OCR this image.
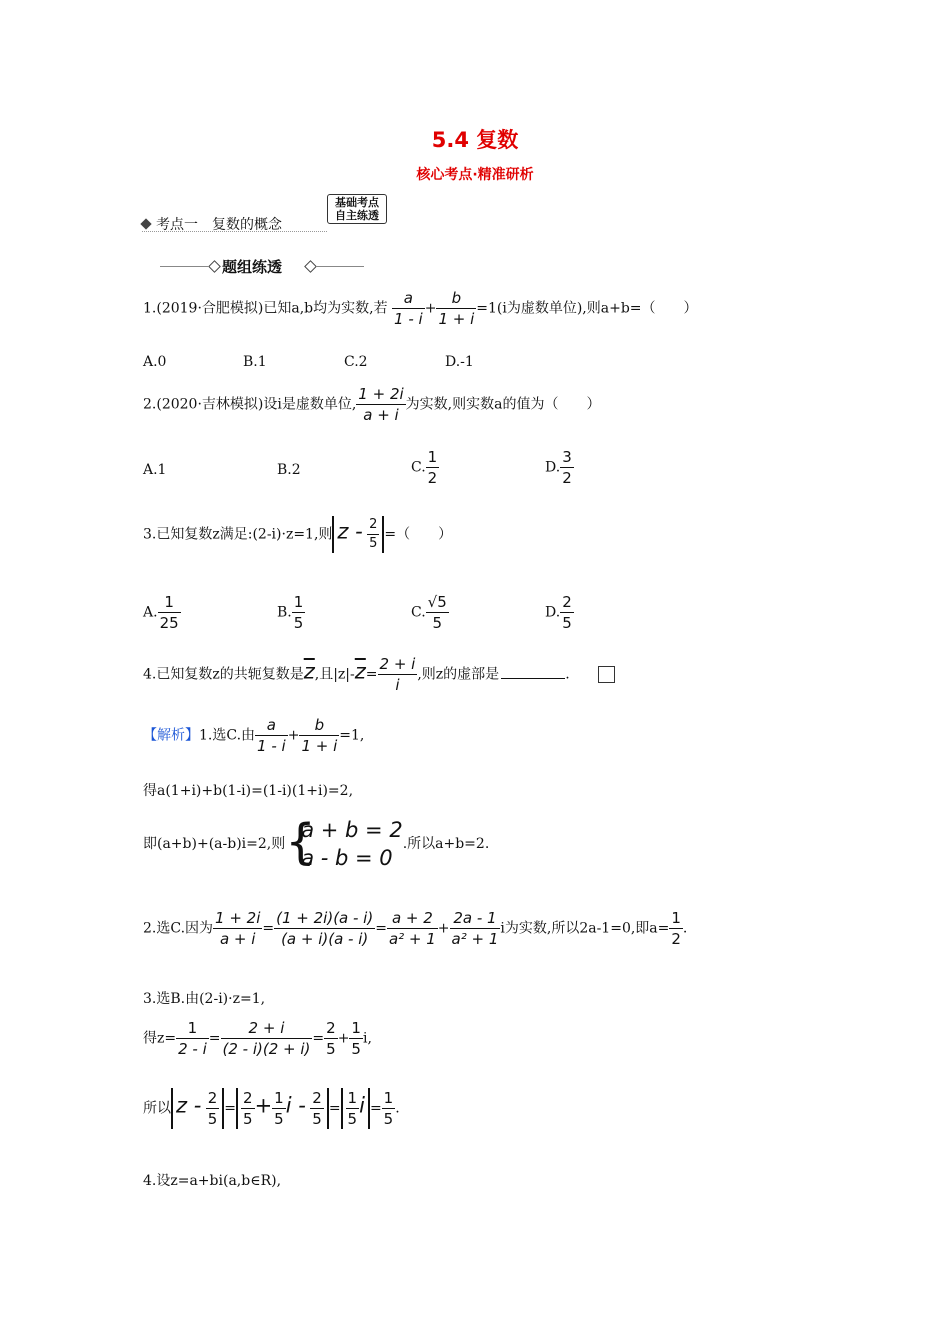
5.4 复数
核心考点·精准研析
考点一　复数的概念
基础考点
自主练透
题组练透
1.(2019·合肥模拟)已知a,b均为实数,若 $\frac{a}{1 - i} + \frac{b}{1 + i} =1(i$为虚数单位),则a+b=（　　）
A.0	B.1	C.2	D.-1
2.(2020·吉林模拟)设i是虚数单位, $\frac{1 + 2i}{a + i}$ 为实数,则实数a的值为（　　）
A.1	B.2	C. $\frac{1}{2}$	D. $\frac{3}{2}$
3.已知复数z满足:(2-i)·z=1,则 z - $\frac{2}{5}$ =（　　）
A. $\frac{1}{25}$	B. $\frac{1}{5}$	C. $\frac{√5}{5}$	D. $\frac{2}{5}$
4.已知复数z的共轭复数是$\overline{z}$,且$|z|-\overline{z}= \frac{2 + i}{i}$ ,则z的虚部是	.
【解析】1.选C.由 $\frac{a}{1 - i} + \frac{b}{1 + i} =1$,
得a(1+i)+b(1-i)=(1-i)(1+i)=2,
即(a+b)+(a-b)i=2,则 {
a + b = 2
a - b = 0
.所以a+b=2.
2.选C.因为 $\frac{1 + 2i}{a + i} = \frac{(1 + 2i)(a - i)}{(a + i)(a - i)} = \frac{a + 2}{\text{a² + 1}} + \frac{2a - 1}{\text{a² + 1}}$ i为实数,所以2a-1=0,即$a= \frac{1}{2}$ .
3.选B.由(2-i)·z=1,
得$z= \frac{1}{2 - i} = \frac{2 + i}{(2 - i)(2 + i)} = \frac{2}{5} + \frac{1}{5} i$,
所以 $z - \frac{2}{5} = \frac{2}{5} + \frac{1}{5}$ $i - \frac{2}{5} = \frac{1}{5}$ $i = \frac{1}{5}$ .
4.设z=a+bi(a,b∈R),
